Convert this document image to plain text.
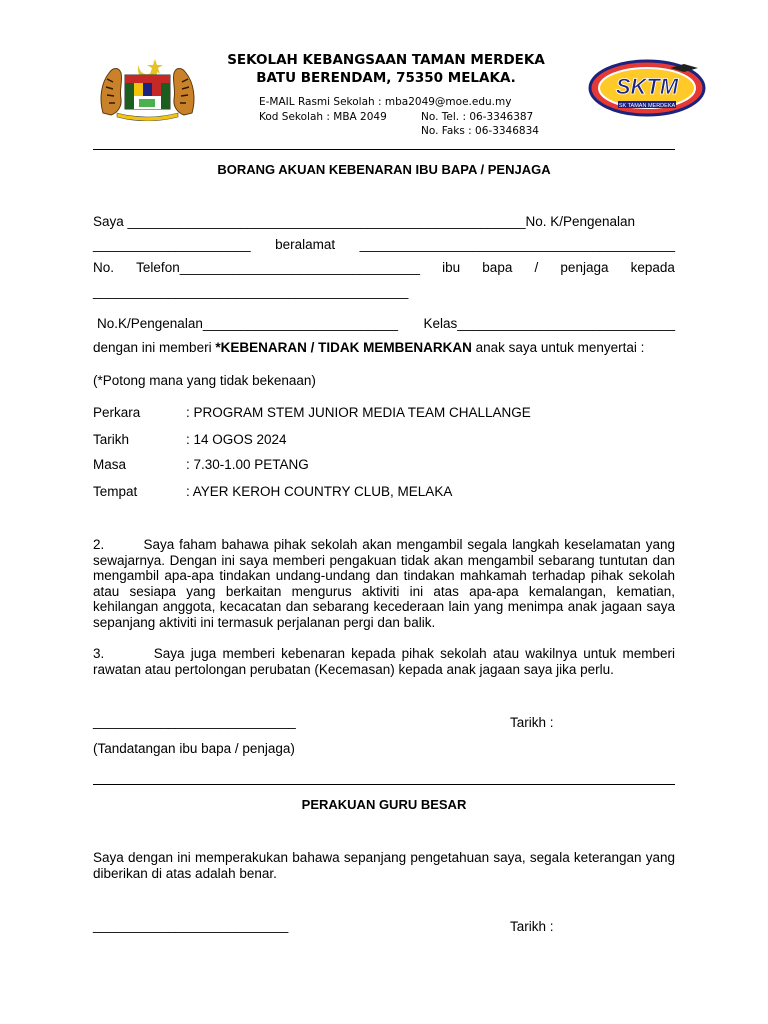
SEKOLAH KEBANGSAAN TAMAN MERDEKA
BATU BERENDAM, 75350 MELAKA.
E-MAIL Rasmi Sekolah : mba2049@moe.edu.my
Kod Sekolah : MBA 2049	No. Tel. : 06-3346387
No. Faks : 06-3346834
SKTM
SK TAMAN MERDEKA
BORANG AKUAN KEBENARAN IBU BAPA / PENJAGA
Saya _____________________________________________________No. K/Pengenalan
_____________________ beralamat __________________________________________
No. Telefon________________________________ ibu bapa / penjaga kepada
__________________________________________
No.K/Pengenalan__________________________ Kelas_____________________________
dengan ini memberi *KEBENARAN / TIDAK MEMBENARKAN anak saya untuk menyertai :
(*Potong mana yang tidak bekenaan)
Perkara	: PROGRAM STEM JUNIOR MEDIA TEAM CHALLANGE
Tarikh	: 14 OGOS 2024
Masa	: 7.30-1.00 PETANG
Tempat	: AYER KEROH COUNTRY CLUB, MELAKA
2.        Saya faham bahawa pihak sekolah akan mengambil segala langkah keselamatan yang sewajarnya. Dengan ini saya memberi pengakuan tidak akan mengambil sebarang tuntutan dan mengambil apa-apa tindakan undang-undang dan tindakan mahkamah terhadap pihak sekolah atau sesiapa yang berkaitan mengurus aktiviti ini atas apa-apa kemalangan, kematian, kehilangan anggota, kecacatan dan sebarang kecederaan lain yang menimpa anak jagaan saya sepanjang aktiviti ini termasuk perjalanan pergi dan balik.
3.        Saya juga memberi kebenaran kepada pihak sekolah atau wakilnya untuk memberi rawatan atau pertolongan perubatan (Kecemasan) kepada anak jagaan saya jika perlu.
___________________________	Tarikh :
(Tandatangan ibu bapa / penjaga)
PERAKUAN GURU BESAR
Saya dengan ini memperakukan bahawa sepanjang pengetahuan saya, segala keterangan yang diberikan di atas adalah benar.
__________________________	Tarikh :
